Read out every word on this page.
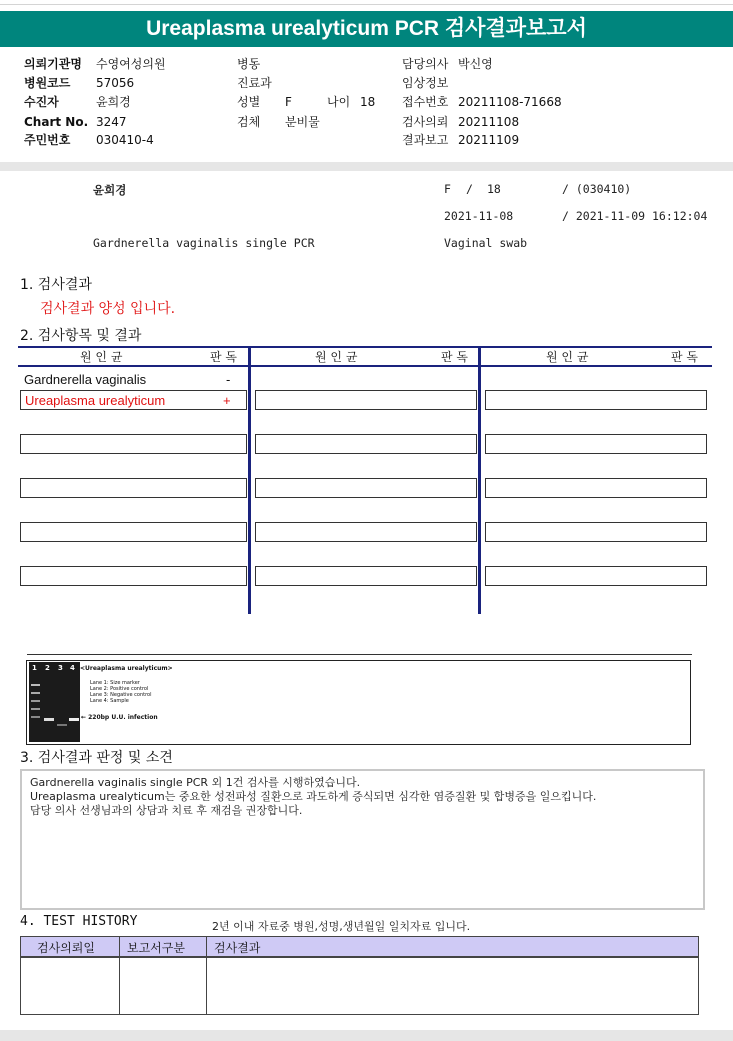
Ureaplasma urealyticum PCR 검사결과보고서
의뢰기관명 수영여성의원
병원코드 57056
수진자	윤희경
Chart No. 3247
주민번호 030410-4
병동
진료과
성별 F	나이 18
검체 분비물
담당의사 박신영
임상정보
접수번호 20211108-71668
검사의뢰 20211108
결과보고 20211109
윤희경	F / 18	/ (030410)
2021-11-08	/ 2021-11-09 16:12:04
Gardnerella vaginalis single PCR	Vaginal swab
1. 검사결과
검사결과 양성 입니다.
2. 검사항목 및 결과
원 인 균	판 독	원 인 균	판 독	원 인 균	판 독
Gardnerella vaginalis	-
Ureaplasma urealyticum	+
1 2 3 4 <Ureaplasma urealyticum>
Lane 1: Size marker
Lane 2: Positive control
Lane 3: Negative control
Lane 4: Sample
← 220bp U.U. infection
3. 검사결과 판정 및 소견
Gardnerella vaginalis single PCR 외 1건 검사를 시행하였습니다.
Ureaplasma urealyticum는 중요한 성전파성 질환으로 과도하게 증식되면 심각한 염증질환 및 합병증을 일으킵니다.
담당 의사 선생님과의 상담과 치료 후 재검을 권장합니다.
4. TEST HISTORY	2년 이내 자료중 병원,성명,생년월일 일치자료 입니다.
검사의뢰일	보고서구분 검사결과
